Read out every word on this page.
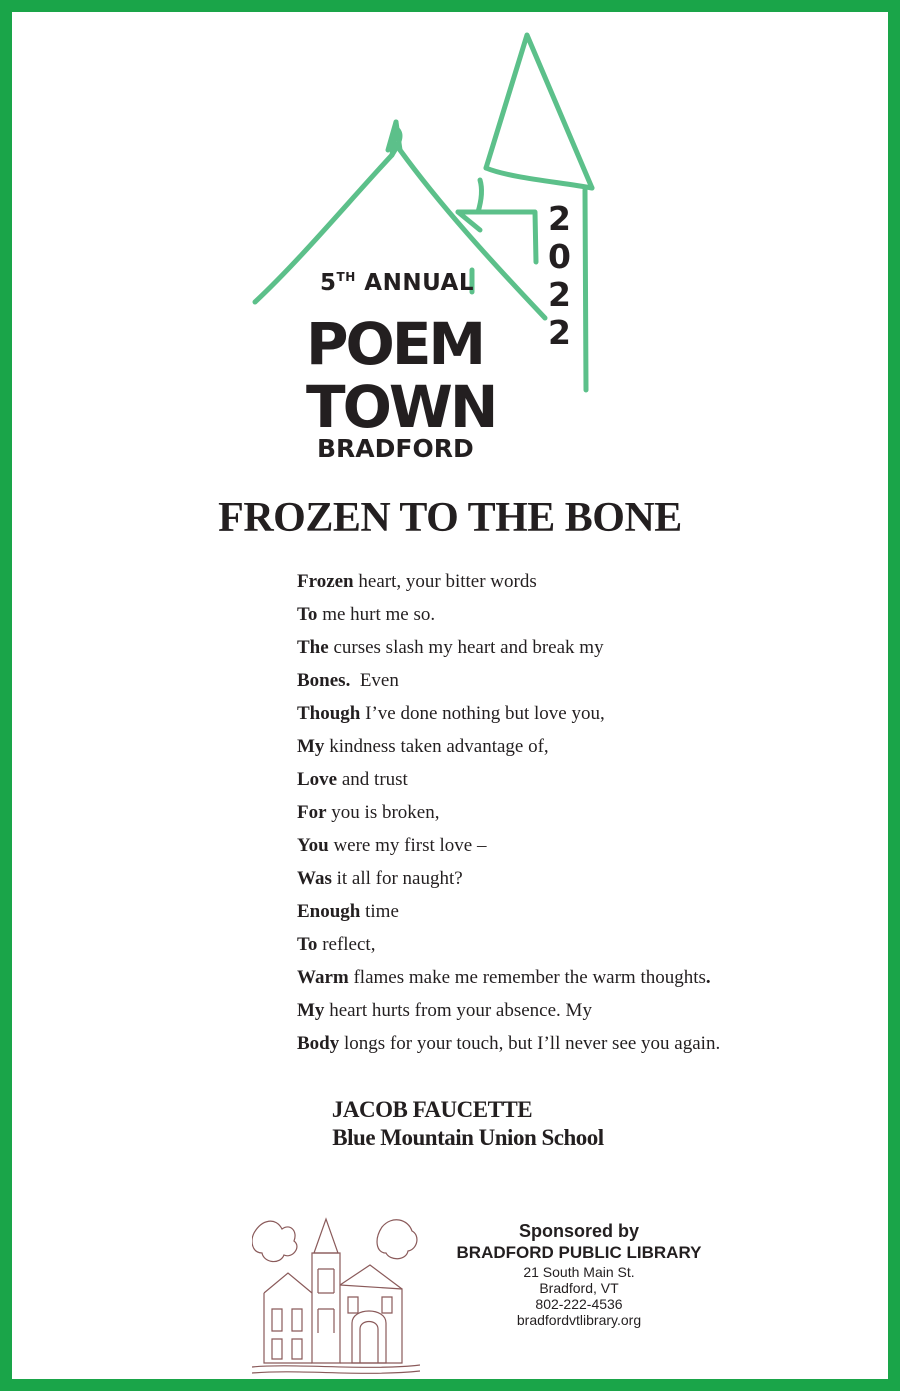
5TH ANNUAL
POEM
TOWN
BRADFORD
2
0
2
2
FROZEN TO THE BONE
Frozen heart, your bitter words
To me hurt me so.
The curses slash my heart and break my
Bones.  Even
Though I’ve done nothing but love you,
My kindness taken advantage of,
Love and trust
For you is broken,
You were my first love –
Was it all for naught?
Enough time
To reflect,
Warm flames make me remember the warm thoughts.
My heart hurts from your absence. My
Body longs for your touch, but I’ll never see you again.
JACOB FAUCETTE
Blue Mountain Union School
Sponsored by
BRADFORD PUBLIC LIBRARY
21 South Main St.
Bradford, VT
802-222-4536
bradfordvtlibrary.org
